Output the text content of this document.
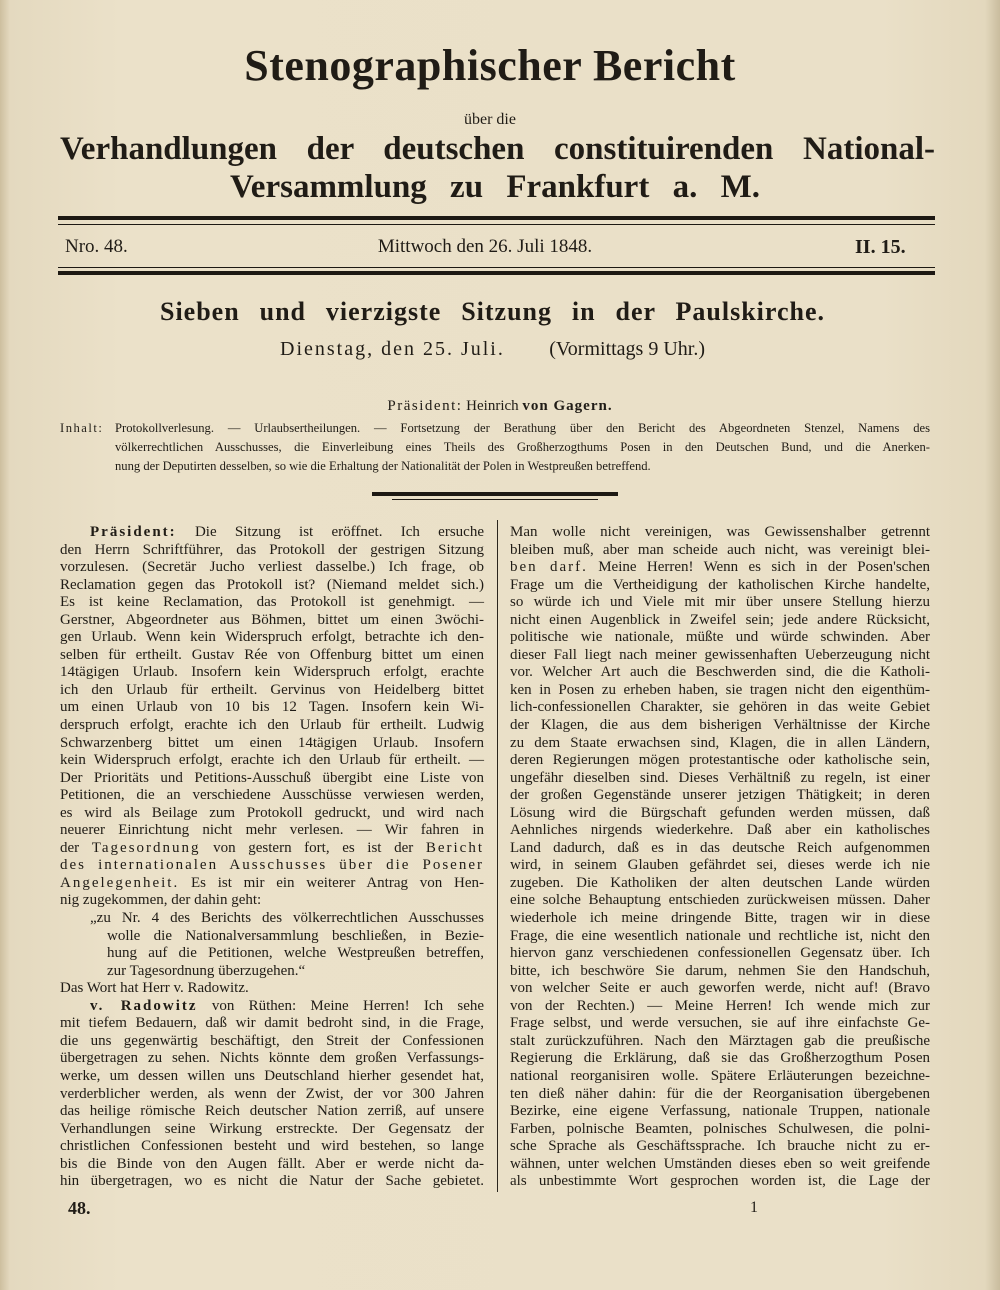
Stenographischer Bericht
über die
Verhandlungen der deutschen constituirenden National-
Versammlung zu Frankfurt a. M.
Nro. 48.	Mittwoch den 26. Juli 1848.	II. 15.
Sieben und vierzigste Sitzung in der Paulskirche.
Dienstag, den 25. Juli. (Vormittags 9 Uhr.)
Präsident: Heinrich von Gagern.
Inhalt: Protokollverlesung. — Urlaubsertheilungen. — Fortsetzung der Berathung über den Bericht des Abgeordneten Stenzel, Namens des
völkerrechtlichen Ausschusses, die Einverleibung eines Theils des Großherzogthums Posen in den Deutschen Bund, und die Anerken-
nung der Deputirten desselben, so wie die Erhaltung der Nationalität der Polen in Westpreußen betreffend.
Präsident: Die Sitzung ist eröffnet. Ich ersuche
den Herrn Schriftführer, das Protokoll der gestrigen Sitzung
vorzulesen. (Secretär Jucho verliest dasselbe.) Ich frage, ob
Reclamation gegen das Protokoll ist? (Niemand meldet sich.)
Es ist keine Reclamation, das Protokoll ist genehmigt. —
Gerstner, Abgeordneter aus Böhmen, bittet um einen 3wöchi-
gen Urlaub. Wenn kein Widerspruch erfolgt, betrachte ich den-
selben für ertheilt. Gustav Rée von Offenburg bittet um einen
14tägigen Urlaub. Insofern kein Widerspruch erfolgt, erachte
ich den Urlaub für ertheilt. Gervinus von Heidelberg bittet
um einen Urlaub von 10 bis 12 Tagen. Insofern kein Wi-
derspruch erfolgt, erachte ich den Urlaub für ertheilt. Ludwig
Schwarzenberg bittet um einen 14tägigen Urlaub. Insofern
kein Widerspruch erfolgt, erachte ich den Urlaub für ertheilt. —
Der Prioritäts und Petitions-Ausschuß übergibt eine Liste von
Petitionen, die an verschiedene Ausschüsse verwiesen werden,
es wird als Beilage zum Protokoll gedruckt, und wird nach
neuerer Einrichtung nicht mehr verlesen. — Wir fahren in
der Tagesordnung von gestern fort, es ist der Bericht
des internationalen Ausschusses über die Posener
Angelegenheit. Es ist mir ein weiterer Antrag von Hen-
nig zugekommen, der dahin geht:
„zu Nr. 4 des Berichts des völkerrechtlichen Ausschusses
wolle die Nationalversammlung beschließen, in Bezie-
hung auf die Petitionen, welche Westpreußen betreffen,
zur Tagesordnung überzugehen.“
Das Wort hat Herr v. Radowitz.
v. Radowitz von Rüthen: Meine Herren! Ich sehe
mit tiefem Bedauern, daß wir damit bedroht sind, in die Frage,
die uns gegenwärtig beschäftigt, den Streit der Confessionen
übergetragen zu sehen. Nichts könnte dem großen Verfassungs-
werke, um dessen willen uns Deutschland hierher gesendet hat,
verderblicher werden, als wenn der Zwist, der vor 300 Jahren
das heilige römische Reich deutscher Nation zerriß, auf unsere
Verhandlungen seine Wirkung erstreckte. Der Gegensatz der
christlichen Confessionen besteht und wird bestehen, so lange
bis die Binde von den Augen fällt. Aber er werde nicht da-
hin übergetragen, wo es nicht die Natur der Sache gebietet.
Man wolle nicht vereinigen, was Gewissenshalber getrennt
bleiben muß, aber man scheide auch nicht, was vereinigt blei-
ben darf. Meine Herren! Wenn es sich in der Posen'schen
Frage um die Vertheidigung der katholischen Kirche handelte,
so würde ich und Viele mit mir über unsere Stellung hierzu
nicht einen Augenblick in Zweifel sein; jede andere Rücksicht,
politische wie nationale, müßte und würde schwinden. Aber
dieser Fall liegt nach meiner gewissenhaften Ueberzeugung nicht
vor. Welcher Art auch die Beschwerden sind, die die Katholi-
ken in Posen zu erheben haben, sie tragen nicht den eigenthüm-
lich-confessionellen Charakter, sie gehören in das weite Gebiet
der Klagen, die aus dem bisherigen Verhältnisse der Kirche
zu dem Staate erwachsen sind, Klagen, die in allen Ländern,
deren Regierungen mögen protestantische oder katholische sein,
ungefähr dieselben sind. Dieses Verhältniß zu regeln, ist einer
der großen Gegenstände unserer jetzigen Thätigkeit; in deren
Lösung wird die Bürgschaft gefunden werden müssen, daß
Aehnliches nirgends wiederkehre. Daß aber ein katholisches
Land dadurch, daß es in das deutsche Reich aufgenommen
wird, in seinem Glauben gefährdet sei, dieses werde ich nie
zugeben. Die Katholiken der alten deutschen Lande würden
eine solche Behauptung entschieden zurückweisen müssen. Daher
wiederhole ich meine dringende Bitte, tragen wir in diese
Frage, die eine wesentlich nationale und rechtliche ist, nicht den
hiervon ganz verschiedenen confessionellen Gegensatz über. Ich
bitte, ich beschwöre Sie darum, nehmen Sie den Handschuh,
von welcher Seite er auch geworfen werde, nicht auf! (Bravo
von der Rechten.) — Meine Herren! Ich wende mich zur
Frage selbst, und werde versuchen, sie auf ihre einfachste Ge-
stalt zurückzuführen. Nach den Märztagen gab die preußische
Regierung die Erklärung, daß sie das Großherzogthum Posen
national reorganisiren wolle. Spätere Erläuterungen bezeichne-
ten dieß näher dahin: für die der Reorganisation übergebenen
Bezirke, eine eigene Verfassung, nationale Truppen, nationale
Farben, polnische Beamten, polnisches Schulwesen, die polni-
sche Sprache als Geschäftssprache. Ich brauche nicht zu er-
wähnen, unter welchen Umständen dieses eben so weit greifende
als unbestimmte Wort gesprochen worden ist, die Lage der
48.	1
